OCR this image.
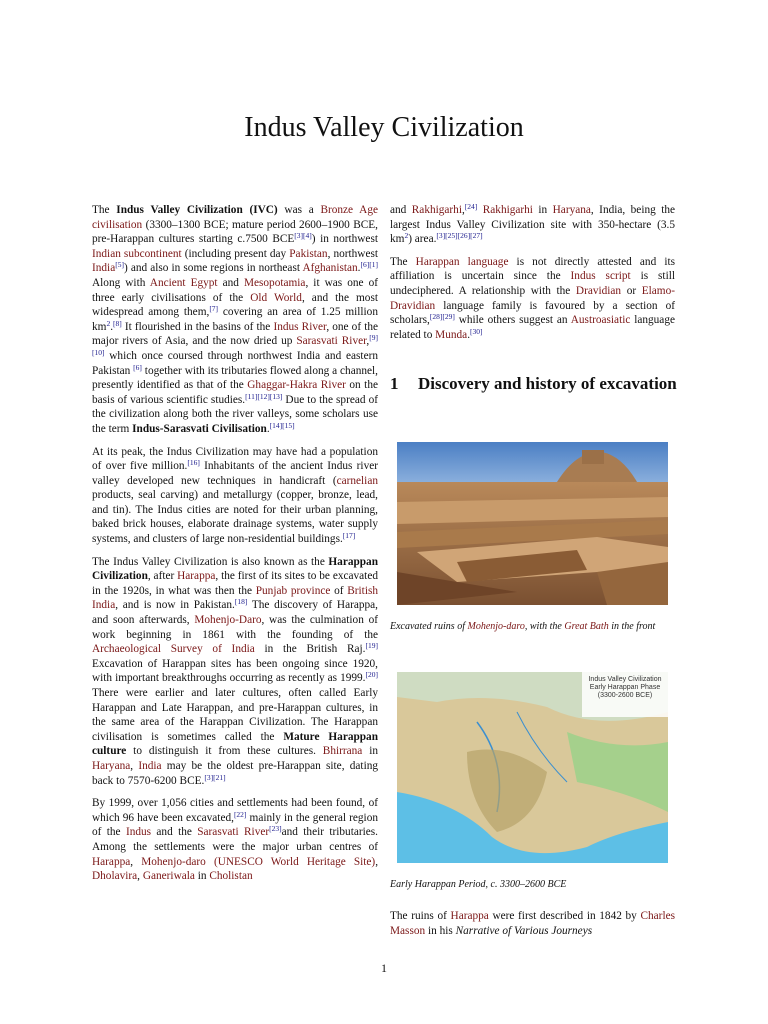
Indus Valley Civilization

The Indus Valley Civilization (IVC) was a Bronze Age civilisation (3300–1300 BCE; mature period 2600–1900 BCE, pre-Harappan cultures starting c.7500 BCE[3][4]) in northwest Indian subcontinent (including present day Pakistan, northwest India[5]) and also in some regions in northeast Afghanistan.[6][1] Along with Ancient Egypt and Mesopotamia, it was one of three early civilisations of the Old World, and the most widespread among them,[7] covering an area of 1.25 million $km^2.[8]$ It flourished in the basins of the Indus River, one of the major rivers of Asia, and the now dried up Sarasvati River,[9][10] which once coursed through northwest India and eastern Pakistan [6] together with its tributaries flowed along a channel, presently identified as that of the Ghaggar-Hakra River on the basis of various scientific studies.[11][12][13] Due to the spread of the civilization along both the river valleys, some scholars use the term Indus-Sarasvati Civilisation.[14][15]

At its peak, the Indus Civilization may have had a population of over five million.[16] Inhabitants of the ancient Indus river valley developed new techniques in handicraft (carnelian products, seal carving) and metallurgy (copper, bronze, lead, and tin). The Indus cities are noted for their urban planning, baked brick houses, elaborate drainage systems, water supply systems, and clusters of large non-residential buildings.[17]

The Indus Valley Civilization is also known as the Harappan Civilization, after Harappa, the first of its sites to be excavated in the 1920s, in what was then the Punjab province of British India, and is now in Pakistan.[18] The discovery of Harappa, and soon afterwards, Mohenjo-Daro, was the culmination of work beginning in 1861 with the founding of the Archaeological Survey of India in the British Raj.[19] Excavation of Harappan sites has been ongoing since 1920, with important breakthroughs occurring as recently as 1999.[20] There were earlier and later cultures, often called Early Harappan and Late Harappan, and pre-Harappan cultures, in the same area of the Harappan Civilization. The Harappan civilisation is sometimes called the Mature Harappan culture to distinguish it from these cultures. Bhirrana in Haryana, India may be the oldest pre-Harappan site, dating back to 7570-6200 BCE.[3][21]

By 1999, over 1,056 cities and settlements had been found, of which 96 have been excavated,[22] mainly in the general region of the Indus and the Sarasvati River[23]and their tributaries. Among the settlements were the major urban centres of Harappa, Mohenjo-daro (UNESCO World Heritage Site), Dholavira, Ganeriwala in Cholistan

and Rakhigarhi,[24] Rakhigarhi in Haryana, India, being the largest Indus Valley Civilization site with 350-hectare (3.5 $km^2$) area.[3][25][26][27]

The Harappan language is not directly attested and its affiliation is uncertain since the Indus script is still undeciphered. A relationship with the Dravidian or Elamo-Dravidian language family is favoured by a section of scholars,[28][29] while others suggest an Austroasiatic language related to Munda.[30]

1 Discovery and history of excavation
Excavated ruins of Mohenjo-daro, with the Great Bath in the front
Indus Valley Civilization
Early Harappan Phase
(3300-2600 BCE)
Early Harappan Period, c. 3300–2600 BCE
The ruins of Harappa were first described in 1842 by Charles Masson in his Narrative of Various Journeys
1
